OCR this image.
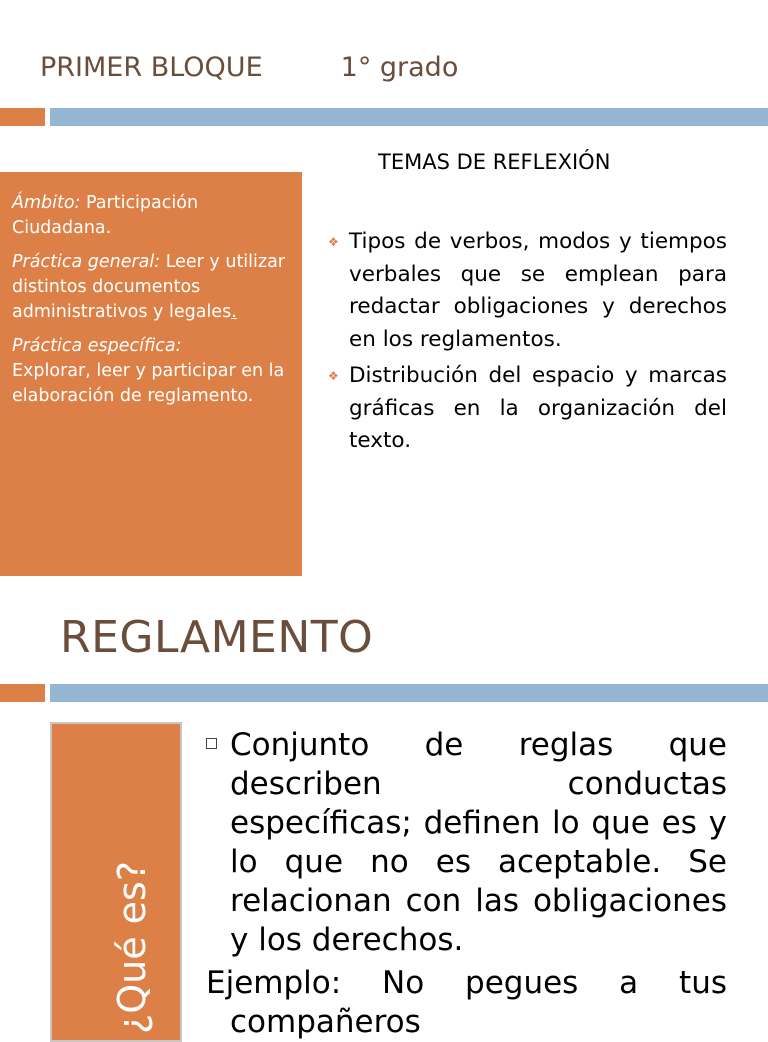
PRIMER BLOQUE	1° grado

Ámbito: Participación Ciudadana.

Práctica general: Leer y utilizar distintos documentos administrativos y legales.

Práctica específica:
Explorar, leer y participar en la elaboración de reglamento.

TEMAS DE REFLEXIÓN
❖ Tipos de verbos, modos y tiempos verbales que se emplean para redactar obligaciones y derechos en los reglamentos.
❖ Distribución del espacio y marcas gráficas en la organización del texto.
REGLAMENTO
¿Qué es?
Conjunto de reglas que describen conductas específicas; definen lo que es y lo que no es aceptable. Se relacionan con las obligaciones y los derechos.
Ejemplo: No pegues a tus
compañeros
